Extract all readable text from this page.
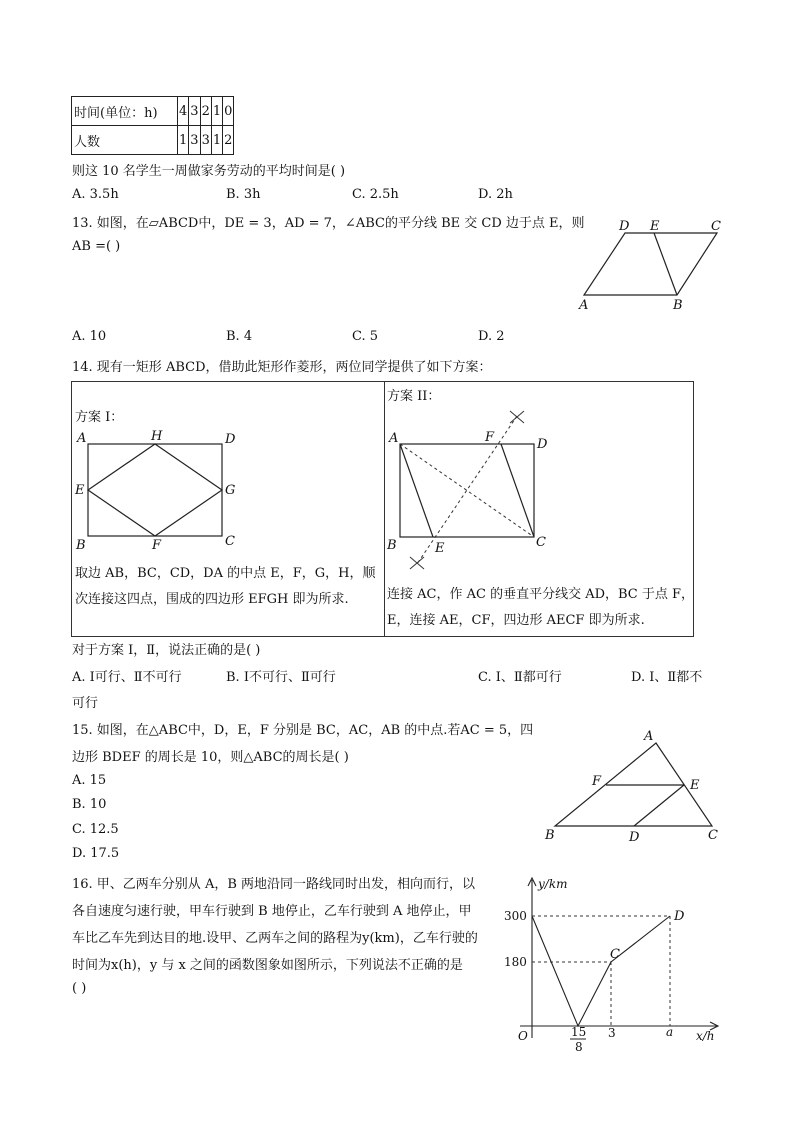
时间(单位：h)	4	3	2	1	0
人数	1	3	3	1	2
则这 10 名学生一周做家务劳动的平均时间是( )
A. 3.5h	B. 3h	C. 2.5h	D. 2h
13. 如图，在▱ABCD中，DE = 3，AD = 7，∠ABC的平分线 BE 交 CD 边于点 E，则
AB =( )
D E	C
A	B
A. 10	B. 4	C. 5	D. 2
14. 现有一矩形 ABCD，借助此矩形作菱形，两位同学提供了如下方案：
方案 I：
A	H	D
E	G
B	F	C
取边 AB，BC，CD，DA 的中点 E，F，G，H，顺
次连接这四点，围成的四边形 EFGH 即为所求.
方案 II：
A	F	D
B	E	C
连接 AC，作 AC 的垂直平分线交 AD，BC 于点 F，
E，连接 AE，CF，四边形 AECF 即为所求.
对于方案 Ⅰ，Ⅱ，说法正确的是( )
A. Ⅰ可行、Ⅱ不可行	B. Ⅰ不可行、Ⅱ可行	C. Ⅰ、Ⅱ都可行	D. Ⅰ、Ⅱ都不
可行
15. 如图，在△ABC中，D，E，F 分别是 BC，AC，AB 的中点.若AC = 5，四
边形 BDEF 的周长是 10，则△ABC的周长是( )
A. 15
B. 10
C. 12.5
D. 17.5
A
F	E
B	D	C
16. 甲、乙两车分别从 A，B 两地沿同一路线同时出发，相向而行，以
各自速度匀速行驶，甲车行驶到 B 地停止，乙车行驶到 A 地停止，甲
车比乙车先到达目的地.设甲、乙两车之间的路程为y(km)，乙车行驶的
时间为x(h)，y 与 x 之间的函数图象如图所示，下列说法不正确的是
( )
y/km
x/h
O
300
180
15
8
3	a
C
D
